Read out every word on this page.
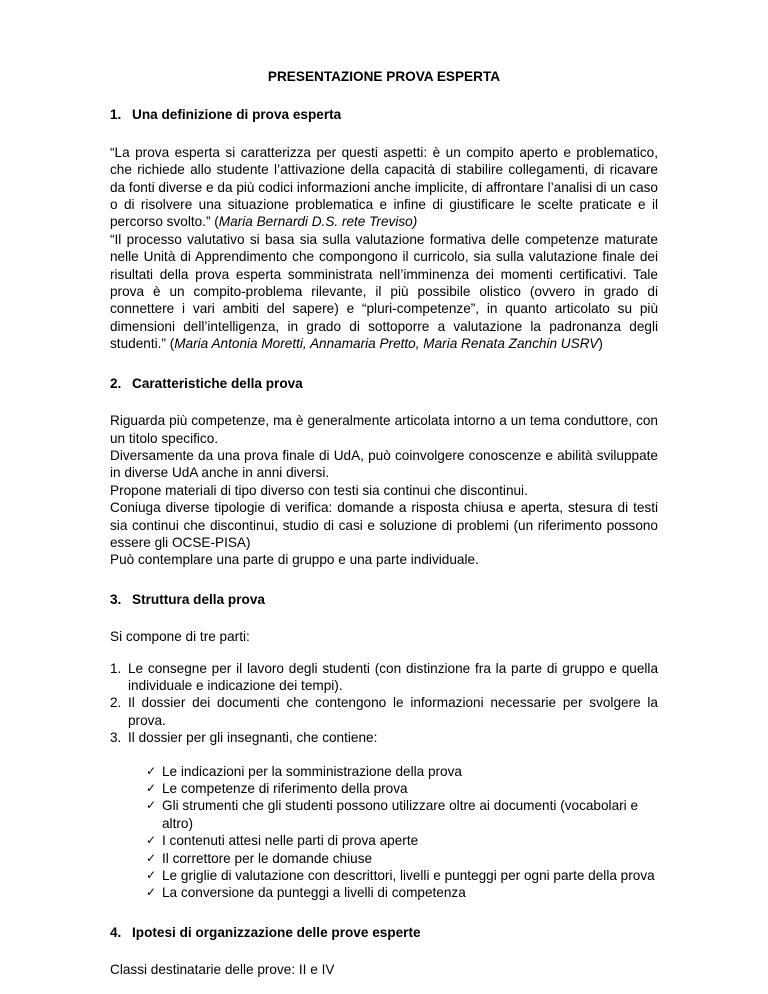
PRESENTAZIONE PROVA ESPERTA
1. Una definizione di prova esperta

“La prova esperta si caratterizza per questi aspetti: è un compito aperto e problematico, che richiede allo studente l’attivazione della capacità di stabilire collegamenti, di ricavare da fonti diverse e da più codici informazioni anche implicite, di affrontare l’analisi di un caso o di risolvere una situazione problematica e infine di giustificare le scelte praticate e il percorso svolto.” (Maria Bernardi D.S. rete Treviso)

“Il processo valutativo si basa sia sulla valutazione formativa delle competenze maturate nelle Unità di Apprendimento che compongono il curricolo, sia sulla valutazione finale dei risultati della prova esperta somministrata nell’imminenza dei momenti certificativi. Tale prova è un compito-problema rilevante, il più possibile olistico (ovvero in grado di connettere i vari ambiti del sapere) e “pluri-competenze”, in quanto articolato su più dimensioni dell’intelligenza, in grado di sottoporre a valutazione la padronanza degli studenti.” (Maria Antonia Moretti, Annamaria Pretto, Maria Renata Zanchin USRV)

2. Caratteristiche della prova

Riguarda più competenze, ma è generalmente articolata intorno a un tema conduttore, con un titolo specifico.

Diversamente da una prova finale di UdA, può coinvolgere conoscenze e abilità sviluppate in diverse UdA anche in anni diversi.

Propone materiali di tipo diverso con testi sia continui che discontinui.

Coniuga diverse tipologie di verifica: domande a risposta chiusa e aperta, stesura di testi sia continui che discontinui, studio di casi e soluzione di problemi (un riferimento possono essere gli OCSE-PISA)

Può contemplare una parte di gruppo e una parte individuale.

3. Struttura della prova

Si compone di tre parti:

1. Le consegne per il lavoro degli studenti (con distinzione fra la parte di gruppo e quella individuale e indicazione dei tempi).
2. Il dossier dei documenti che contengono le informazioni necessarie per svolgere la prova.
3. Il dossier per gli insegnanti, che contiene:
✓ Le indicazioni per la somministrazione della prova
✓ Le competenze di riferimento della prova
✓ Gli strumenti che gli studenti possono utilizzare oltre ai documenti (vocabolari e altro)
✓ I contenuti attesi nelle parti di prova aperte
✓ Il correttore per le domande chiuse
✓ Le griglie di valutazione con descrittori, livelli e punteggi per ogni parte della prova
✓ La conversione da punteggi a livelli di competenza
4. Ipotesi di organizzazione delle prove esperte

Classi destinatarie delle prove: II e IV
